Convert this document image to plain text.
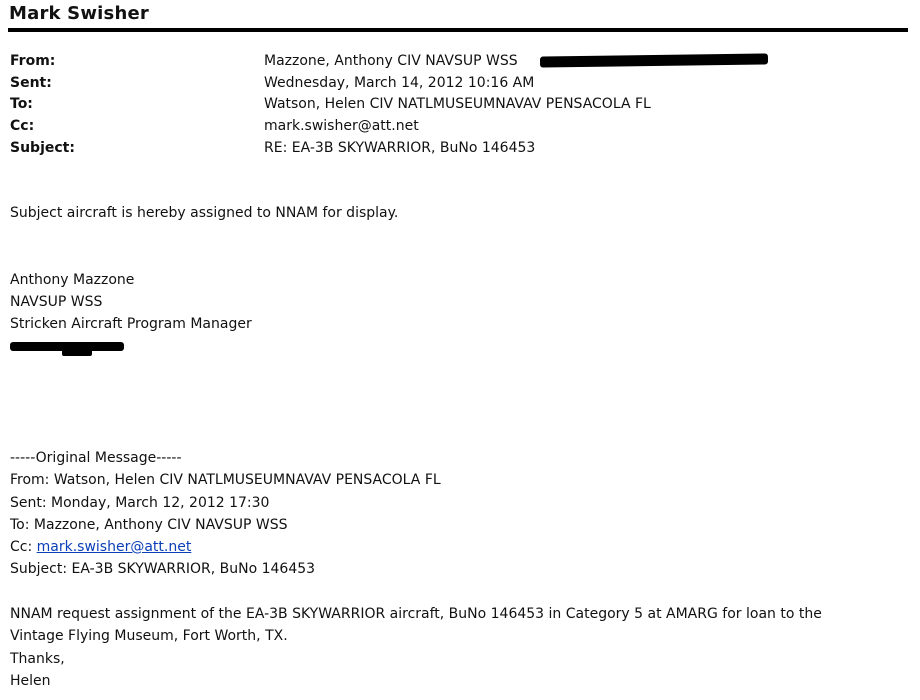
Mark Swisher
From:	Mazzone, Anthony CIV NAVSUP WSS
Sent:	Wednesday, March 14, 2012 10:16 AM
To:	Watson, Helen CIV NATLMUSEUMNAVAV PENSACOLA FL
Cc:	mark.swisher@att.net
Subject:	RE: EA-3B SKYWARRIOR, BuNo 146453
Subject aircraft is hereby assigned to NNAM for display.
Anthony Mazzone
NAVSUP WSS
Stricken Aircraft Program Manager
-----Original Message-----
From: Watson, Helen CIV NATLMUSEUMNAVAV PENSACOLA FL
Sent: Monday, March 12, 2012 17:30
To: Mazzone, Anthony CIV NAVSUP WSS
Cc: mark.swisher@att.net
Subject: EA-3B SKYWARRIOR, BuNo 146453
NNAM request assignment of the EA-3B SKYWARRIOR aircraft, BuNo 146453 in Category 5 at AMARG for loan to the
Vintage Flying Museum, Fort Worth, TX.
Thanks,
Helen
